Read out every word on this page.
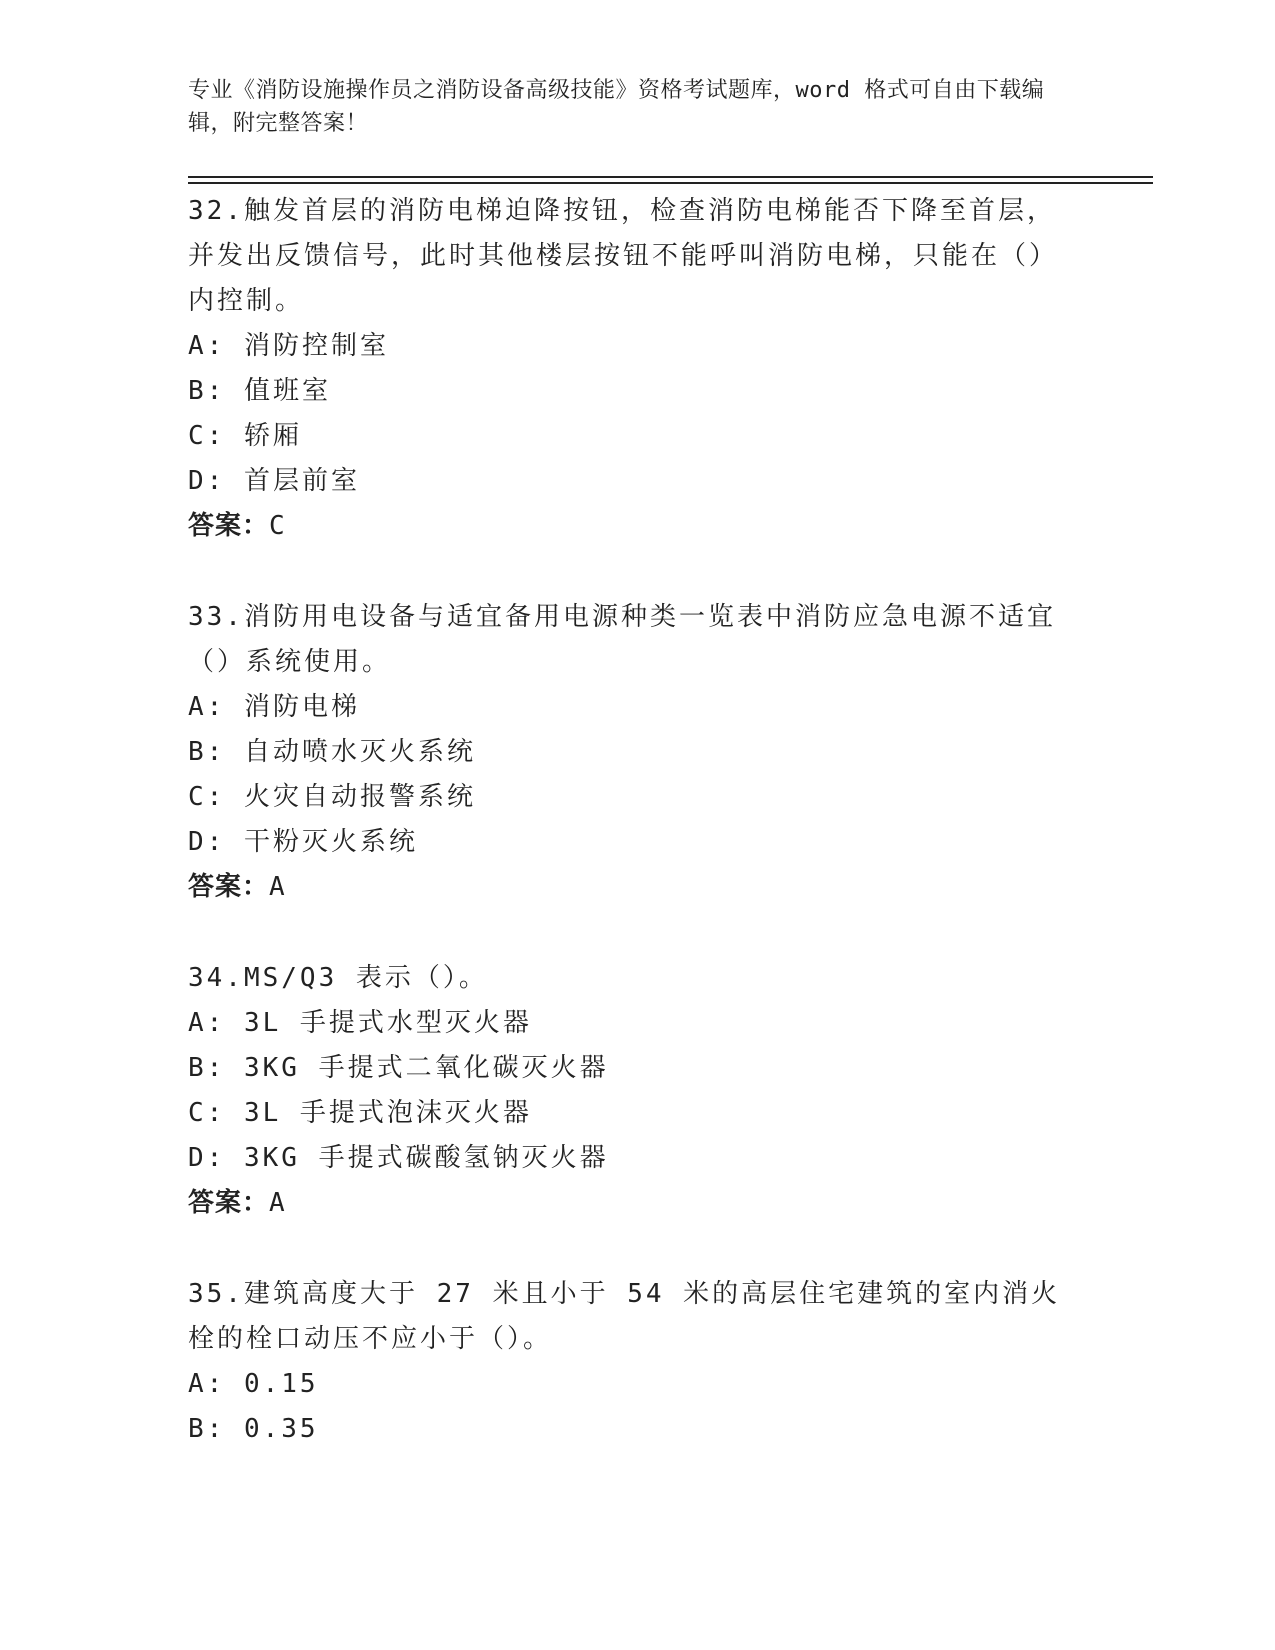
专业《消防设施操作员之消防设备高级技能》资格考试题库，word 格式可自由下载编辑，附完整答案！

32.触发首层的消防电梯迫降按钮，检查消防电梯能否下降至首层，并发出反馈信号，此时其他楼层按钮不能呼叫消防电梯，只能在（）内控制。

A: 消防控制室

B: 值班室

C: 轿厢

D: 首层前室

答案：C

33.消防用电设备与适宜备用电源种类一览表中消防应急电源不适宜（）系统使用。

A: 消防电梯

B: 自动喷水灭火系统

C: 火灾自动报警系统

D: 干粉灭火系统

答案：A

34.MS/Q3 表示（）。

A: 3L 手提式水型灭火器

B: 3KG 手提式二氧化碳灭火器

C: 3L 手提式泡沫灭火器

D: 3KG 手提式碳酸氢钠灭火器

答案：A

35.建筑高度大于 27 米且小于 54 米的高层住宅建筑的室内消火栓的栓口动压不应小于（）。

A: 0.15

B: 0.35
